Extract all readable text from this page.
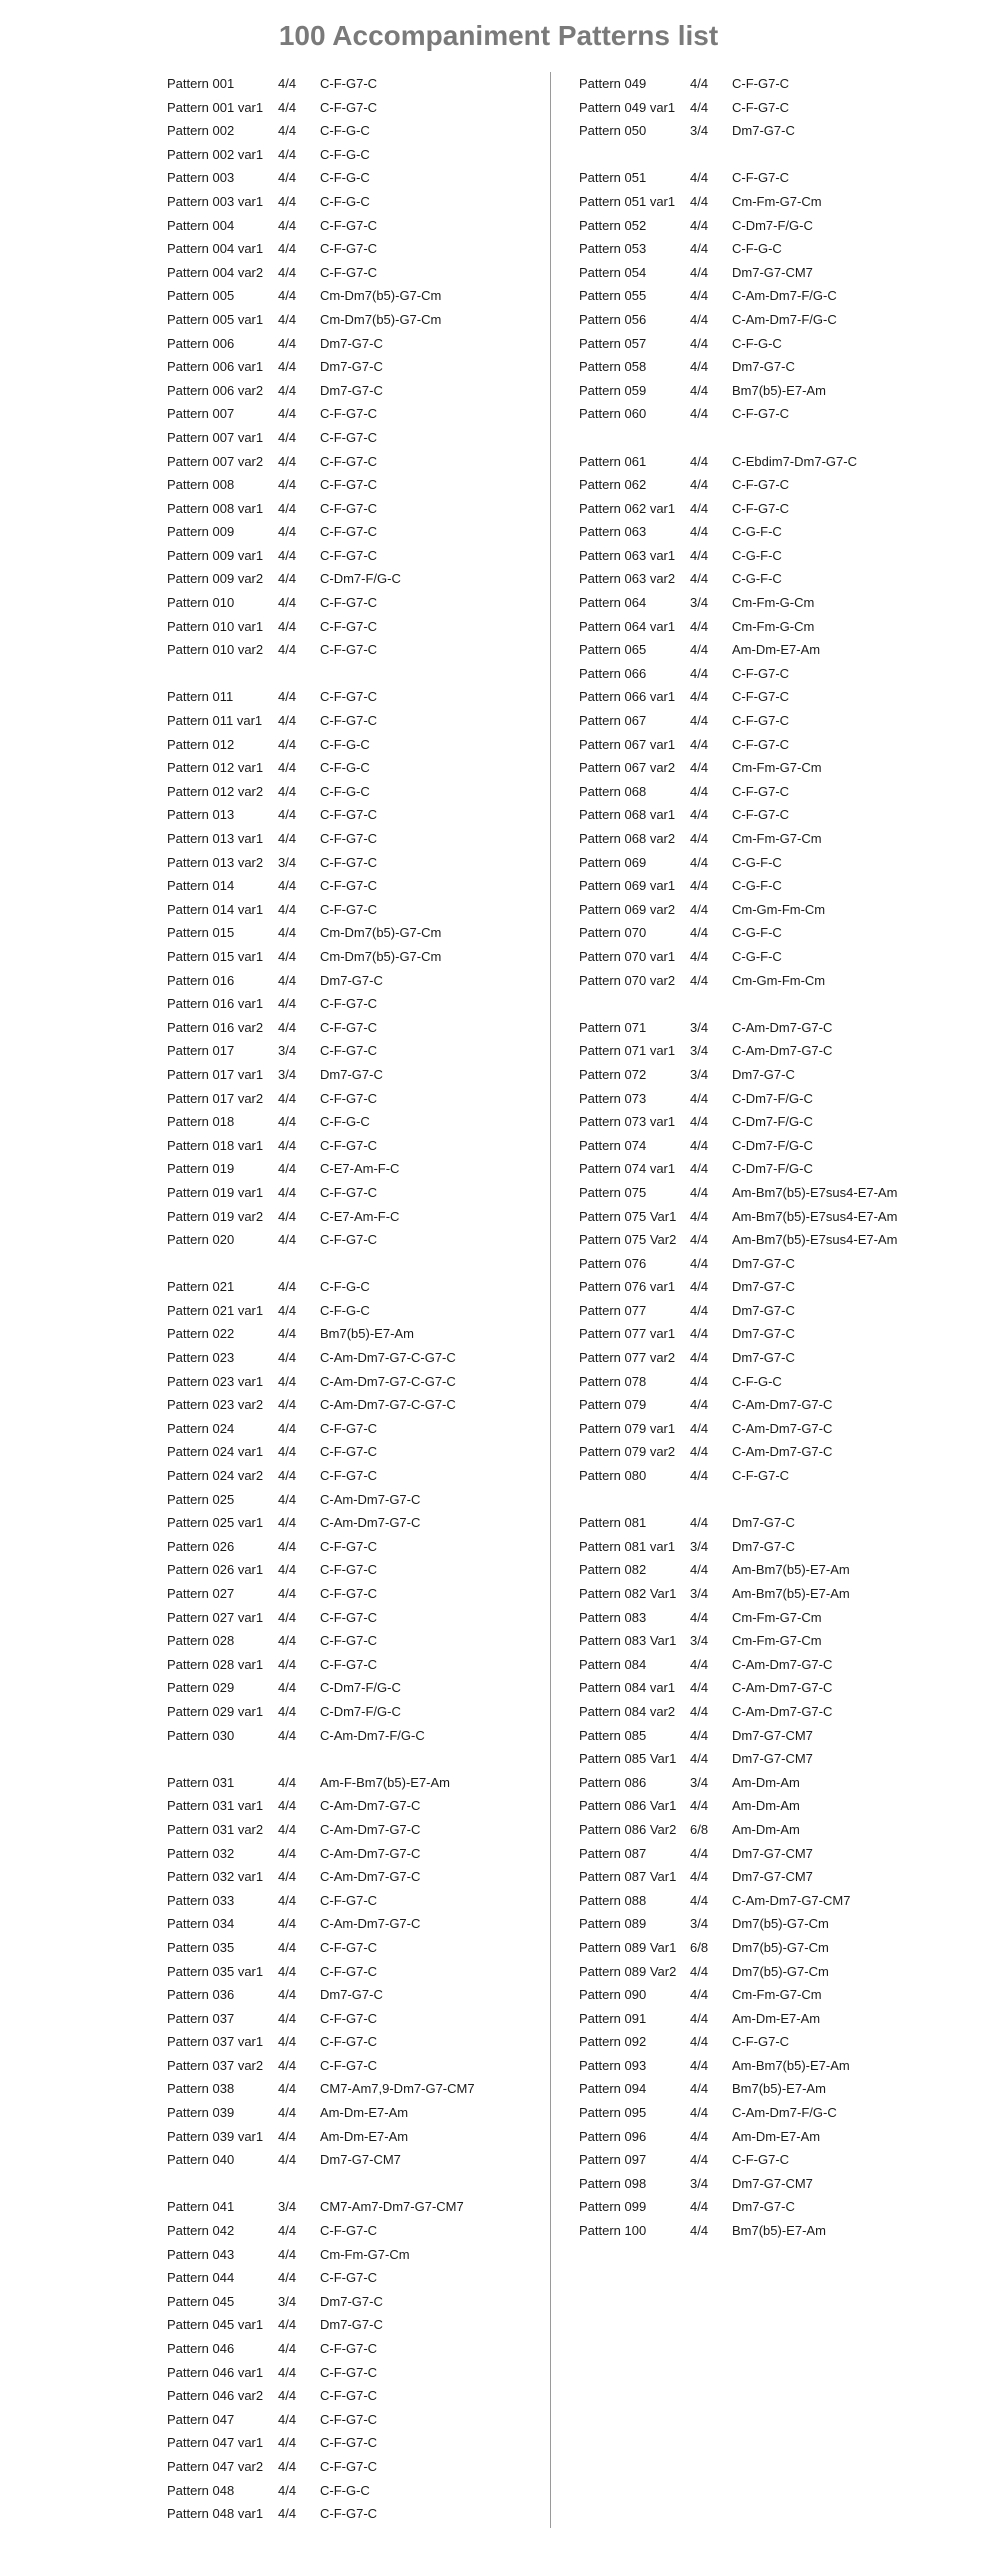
100 Accompaniment Patterns list
Pattern 001	4/4 C-F-G7-C
Pattern 001 var1 4/4 C-F-G7-C
Pattern 002	4/4 C-F-G-C
Pattern 002 var1 4/4 C-F-G-C
Pattern 003	4/4 C-F-G-C
Pattern 003 var1 4/4 C-F-G-C
Pattern 004	4/4 C-F-G7-C
Pattern 004 var1 4/4 C-F-G7-C
Pattern 004 var2 4/4 C-F-G7-C
Pattern 005	4/4 Cm-Dm7(b5)-G7-Cm
Pattern 005 var1 4/4 Cm-Dm7(b5)-G7-Cm
Pattern 006	4/4 Dm7-G7-C
Pattern 006 var1 4/4 Dm7-G7-C
Pattern 006 var2 4/4 Dm7-G7-C
Pattern 007	4/4 C-F-G7-C
Pattern 007 var1 4/4 C-F-G7-C
Pattern 007 var2 4/4 C-F-G7-C
Pattern 008	4/4 C-F-G7-C
Pattern 008 var1 4/4 C-F-G7-C
Pattern 009	4/4 C-F-G7-C
Pattern 009 var1 4/4 C-F-G7-C
Pattern 009 var2 4/4 C-Dm7-F/G-C
Pattern 010	4/4 C-F-G7-C
Pattern 010 var1 4/4 C-F-G7-C
Pattern 010 var2 4/4 C-F-G7-C
Pattern 011	4/4 C-F-G7-C
Pattern 011 var1 4/4 C-F-G7-C
Pattern 012	4/4 C-F-G-C
Pattern 012 var1 4/4 C-F-G-C
Pattern 012 var2 4/4 C-F-G-C
Pattern 013	4/4 C-F-G7-C
Pattern 013 var1 4/4 C-F-G7-C
Pattern 013 var2 3/4 C-F-G7-C
Pattern 014	4/4 C-F-G7-C
Pattern 014 var1 4/4 C-F-G7-C
Pattern 015	4/4 Cm-Dm7(b5)-G7-Cm
Pattern 015 var1 4/4 Cm-Dm7(b5)-G7-Cm
Pattern 016	4/4 Dm7-G7-C
Pattern 016 var1 4/4 C-F-G7-C
Pattern 016 var2 4/4 C-F-G7-C
Pattern 017	3/4 C-F-G7-C
Pattern 017 var1 3/4 Dm7-G7-C
Pattern 017 var2 4/4 C-F-G7-C
Pattern 018	4/4 C-F-G-C
Pattern 018 var1 4/4 C-F-G7-C
Pattern 019	4/4 C-E7-Am-F-C
Pattern 019 var1 4/4 C-F-G7-C
Pattern 019 var2 4/4 C-E7-Am-F-C
Pattern 020	4/4 C-F-G7-C
Pattern 021	4/4 C-F-G-C
Pattern 021 var1 4/4 C-F-G-C
Pattern 022	4/4 Bm7(b5)-E7-Am
Pattern 023	4/4 C-Am-Dm7-G7-C-G7-C
Pattern 023 var1 4/4 C-Am-Dm7-G7-C-G7-C
Pattern 023 var2 4/4 C-Am-Dm7-G7-C-G7-C
Pattern 024	4/4 C-F-G7-C
Pattern 024 var1 4/4 C-F-G7-C
Pattern 024 var2 4/4 C-F-G7-C
Pattern 025	4/4 C-Am-Dm7-G7-C
Pattern 025 var1 4/4 C-Am-Dm7-G7-C
Pattern 026	4/4 C-F-G7-C
Pattern 026 var1 4/4 C-F-G7-C
Pattern 027	4/4 C-F-G7-C
Pattern 027 var1 4/4 C-F-G7-C
Pattern 028	4/4 C-F-G7-C
Pattern 028 var1 4/4 C-F-G7-C
Pattern 029	4/4 C-Dm7-F/G-C
Pattern 029 var1 4/4 C-Dm7-F/G-C
Pattern 030	4/4 C-Am-Dm7-F/G-C
Pattern 031	4/4 Am-F-Bm7(b5)-E7-Am
Pattern 031 var1 4/4 C-Am-Dm7-G7-C
Pattern 031 var2 4/4 C-Am-Dm7-G7-C
Pattern 032	4/4 C-Am-Dm7-G7-C
Pattern 032 var1 4/4 C-Am-Dm7-G7-C
Pattern 033	4/4 C-F-G7-C
Pattern 034	4/4 C-Am-Dm7-G7-C
Pattern 035	4/4 C-F-G7-C
Pattern 035 var1 4/4 C-F-G7-C
Pattern 036	4/4 Dm7-G7-C
Pattern 037	4/4 C-F-G7-C
Pattern 037 var1 4/4 C-F-G7-C
Pattern 037 var2 4/4 C-F-G7-C
Pattern 038	4/4 CM7-Am7,9-Dm7-G7-CM7
Pattern 039	4/4 Am-Dm-E7-Am
Pattern 039 var1 4/4 Am-Dm-E7-Am
Pattern 040	4/4 Dm7-G7-CM7
Pattern 041	3/4 CM7-Am7-Dm7-G7-CM7
Pattern 042	4/4 C-F-G7-C
Pattern 043	4/4 Cm-Fm-G7-Cm
Pattern 044	4/4 C-F-G7-C
Pattern 045	3/4 Dm7-G7-C
Pattern 045 var1 4/4 Dm7-G7-C
Pattern 046	4/4 C-F-G7-C
Pattern 046 var1 4/4 C-F-G7-C
Pattern 046 var2 4/4 C-F-G7-C
Pattern 047	4/4 C-F-G7-C
Pattern 047 var1 4/4 C-F-G7-C
Pattern 047 var2 4/4 C-F-G7-C
Pattern 048	4/4 C-F-G-C
Pattern 048 var1 4/4 C-F-G7-C
Pattern 049	4/4 C-F-G7-C
Pattern 049 var1 4/4 C-F-G7-C
Pattern 050	3/4 Dm7-G7-C
Pattern 051	4/4 C-F-G7-C
Pattern 051 var1 4/4 Cm-Fm-G7-Cm
Pattern 052	4/4 C-Dm7-F/G-C
Pattern 053	4/4 C-F-G-C
Pattern 054	4/4 Dm7-G7-CM7
Pattern 055	4/4 C-Am-Dm7-F/G-C
Pattern 056	4/4 C-Am-Dm7-F/G-C
Pattern 057	4/4 C-F-G-C
Pattern 058	4/4 Dm7-G7-C
Pattern 059	4/4 Bm7(b5)-E7-Am
Pattern 060	4/4 C-F-G7-C
Pattern 061	4/4 C-Ebdim7-Dm7-G7-C
Pattern 062	4/4 C-F-G7-C
Pattern 062 var1 4/4 C-F-G7-C
Pattern 063	4/4 C-G-F-C
Pattern 063 var1 4/4 C-G-F-C
Pattern 063 var2 4/4 C-G-F-C
Pattern 064	3/4 Cm-Fm-G-Cm
Pattern 064 var1 4/4 Cm-Fm-G-Cm
Pattern 065	4/4 Am-Dm-E7-Am
Pattern 066	4/4 C-F-G7-C
Pattern 066 var1 4/4 C-F-G7-C
Pattern 067	4/4 C-F-G7-C
Pattern 067 var1 4/4 C-F-G7-C
Pattern 067 var2 4/4 Cm-Fm-G7-Cm
Pattern 068	4/4 C-F-G7-C
Pattern 068 var1 4/4 C-F-G7-C
Pattern 068 var2 4/4 Cm-Fm-G7-Cm
Pattern 069	4/4 C-G-F-C
Pattern 069 var1 4/4 C-G-F-C
Pattern 069 var2 4/4 Cm-Gm-Fm-Cm
Pattern 070	4/4 C-G-F-C
Pattern 070 var1 4/4 C-G-F-C
Pattern 070 var2 4/4 Cm-Gm-Fm-Cm
Pattern 071	3/4 C-Am-Dm7-G7-C
Pattern 071 var1 3/4 C-Am-Dm7-G7-C
Pattern 072	3/4 Dm7-G7-C
Pattern 073	4/4 C-Dm7-F/G-C
Pattern 073 var1 4/4 C-Dm7-F/G-C
Pattern 074	4/4 C-Dm7-F/G-C
Pattern 074 var1 4/4 C-Dm7-F/G-C
Pattern 075	4/4 Am-Bm7(b5)-E7sus4-E7-Am
Pattern 075 Var1 4/4 Am-Bm7(b5)-E7sus4-E7-Am
Pattern 075 Var2 4/4 Am-Bm7(b5)-E7sus4-E7-Am
Pattern 076	4/4 Dm7-G7-C
Pattern 076 var1 4/4 Dm7-G7-C
Pattern 077	4/4 Dm7-G7-C
Pattern 077 var1 4/4 Dm7-G7-C
Pattern 077 var2 4/4 Dm7-G7-C
Pattern 078	4/4 C-F-G-C
Pattern 079	4/4 C-Am-Dm7-G7-C
Pattern 079 var1 4/4 C-Am-Dm7-G7-C
Pattern 079 var2 4/4 C-Am-Dm7-G7-C
Pattern 080	4/4 C-F-G7-C
Pattern 081	4/4 Dm7-G7-C
Pattern 081 var1 3/4 Dm7-G7-C
Pattern 082	4/4 Am-Bm7(b5)-E7-Am
Pattern 082 Var1 3/4 Am-Bm7(b5)-E7-Am
Pattern 083	4/4 Cm-Fm-G7-Cm
Pattern 083 Var1 3/4 Cm-Fm-G7-Cm
Pattern 084	4/4 C-Am-Dm7-G7-C
Pattern 084 var1 4/4 C-Am-Dm7-G7-C
Pattern 084 var2 4/4 C-Am-Dm7-G7-C
Pattern 085	4/4 Dm7-G7-CM7
Pattern 085 Var1 4/4 Dm7-G7-CM7
Pattern 086	3/4 Am-Dm-Am
Pattern 086 Var1 4/4 Am-Dm-Am
Pattern 086 Var2 6/8 Am-Dm-Am
Pattern 087	4/4 Dm7-G7-CM7
Pattern 087 Var1 4/4 Dm7-G7-CM7
Pattern 088	4/4 C-Am-Dm7-G7-CM7
Pattern 089	3/4 Dm7(b5)-G7-Cm
Pattern 089 Var1 6/8 Dm7(b5)-G7-Cm
Pattern 089 Var2 4/4 Dm7(b5)-G7-Cm
Pattern 090	4/4 Cm-Fm-G7-Cm
Pattern 091	4/4 Am-Dm-E7-Am
Pattern 092	4/4 C-F-G7-C
Pattern 093	4/4 Am-Bm7(b5)-E7-Am
Pattern 094	4/4 Bm7(b5)-E7-Am
Pattern 095	4/4 C-Am-Dm7-F/G-C
Pattern 096	4/4 Am-Dm-E7-Am
Pattern 097	4/4 C-F-G7-C
Pattern 098	3/4 Dm7-G7-CM7
Pattern 099	4/4 Dm7-G7-C
Pattern 100	4/4 Bm7(b5)-E7-Am
